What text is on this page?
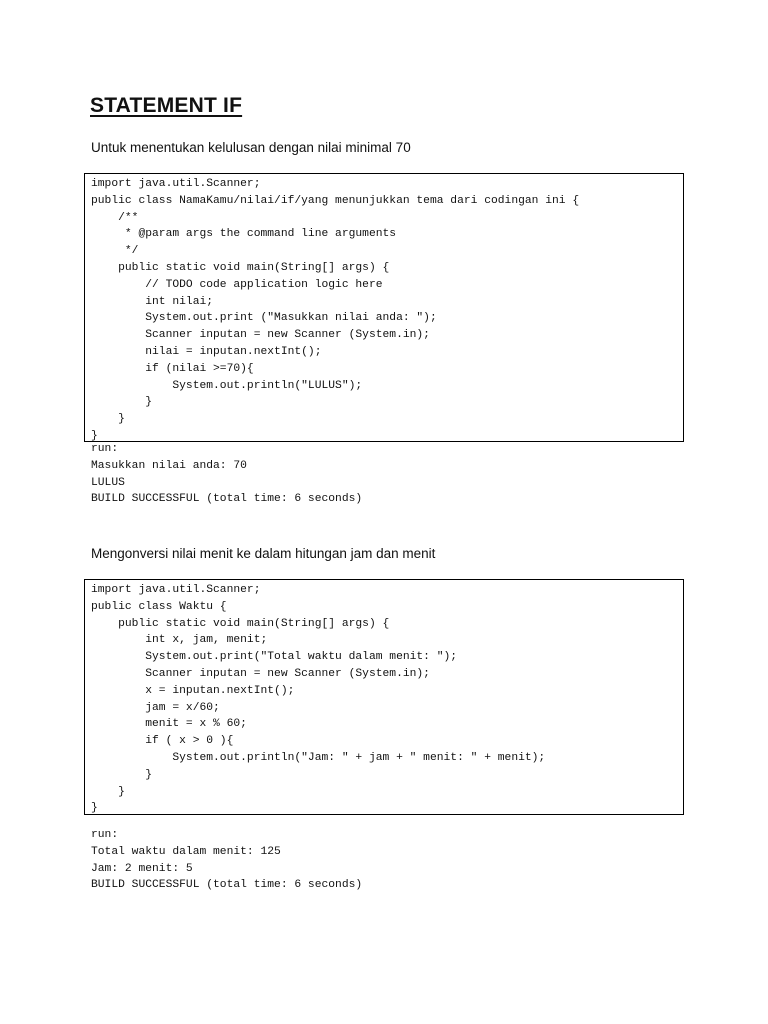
STATEMENT IF
Untuk menentukan kelulusan dengan nilai minimal 70
import java.util.Scanner;
public class NamaKamu/nilai/if/yang menunjukkan tema dari codingan ini {
/**
* @param args the command line arguments
*/
public static void main(String[] args) {
// TODO code application logic here
int nilai;
System.out.print ("Masukkan nilai anda: ");
Scanner inputan = new Scanner (System.in);
nilai = inputan.nextInt();
if (nilai >=70){
System.out.println("LULUS");
}
}
}
run:
Masukkan nilai anda: 70
LULUS
BUILD SUCCESSFUL (total time: 6 seconds)
Mengonversi nilai menit ke dalam hitungan jam dan menit
import java.util.Scanner;
public class Waktu {
public static void main(String[] args) {
int x, jam, menit;
System.out.print("Total waktu dalam menit: ");
Scanner inputan = new Scanner (System.in);
x = inputan.nextInt();
jam = x/60;
menit = x % 60;
if ( x > 0 ){
System.out.println("Jam: " + jam + " menit: " + menit);
}
}
}
run:
Total waktu dalam menit: 125
Jam: 2 menit: 5
BUILD SUCCESSFUL (total time: 6 seconds)
